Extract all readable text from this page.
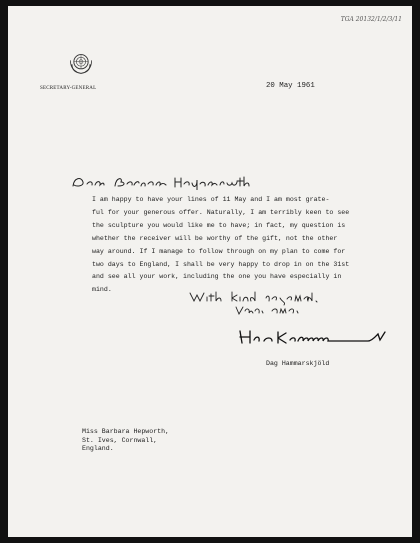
TGA 20132/1/2/3/11
SECRETARY-GENERAL	20 May 1961
I am happy to have your lines of 11 May and I am most grate-
ful for your generous offer. Naturally, I am terribly keen to see
the sculpture you would like me to have; in fact, my question is
whether the receiver will be worthy of the gift, not the other
way around. If I manage to follow through on my plan to come for
two days to England, I shall be very happy to drop in on the 31st
and see all your work, including the one you have especially in
mind.
Dag Hammarskjöld
Miss Barbara Hepworth,
St. Ives, Cornwall,
England.
